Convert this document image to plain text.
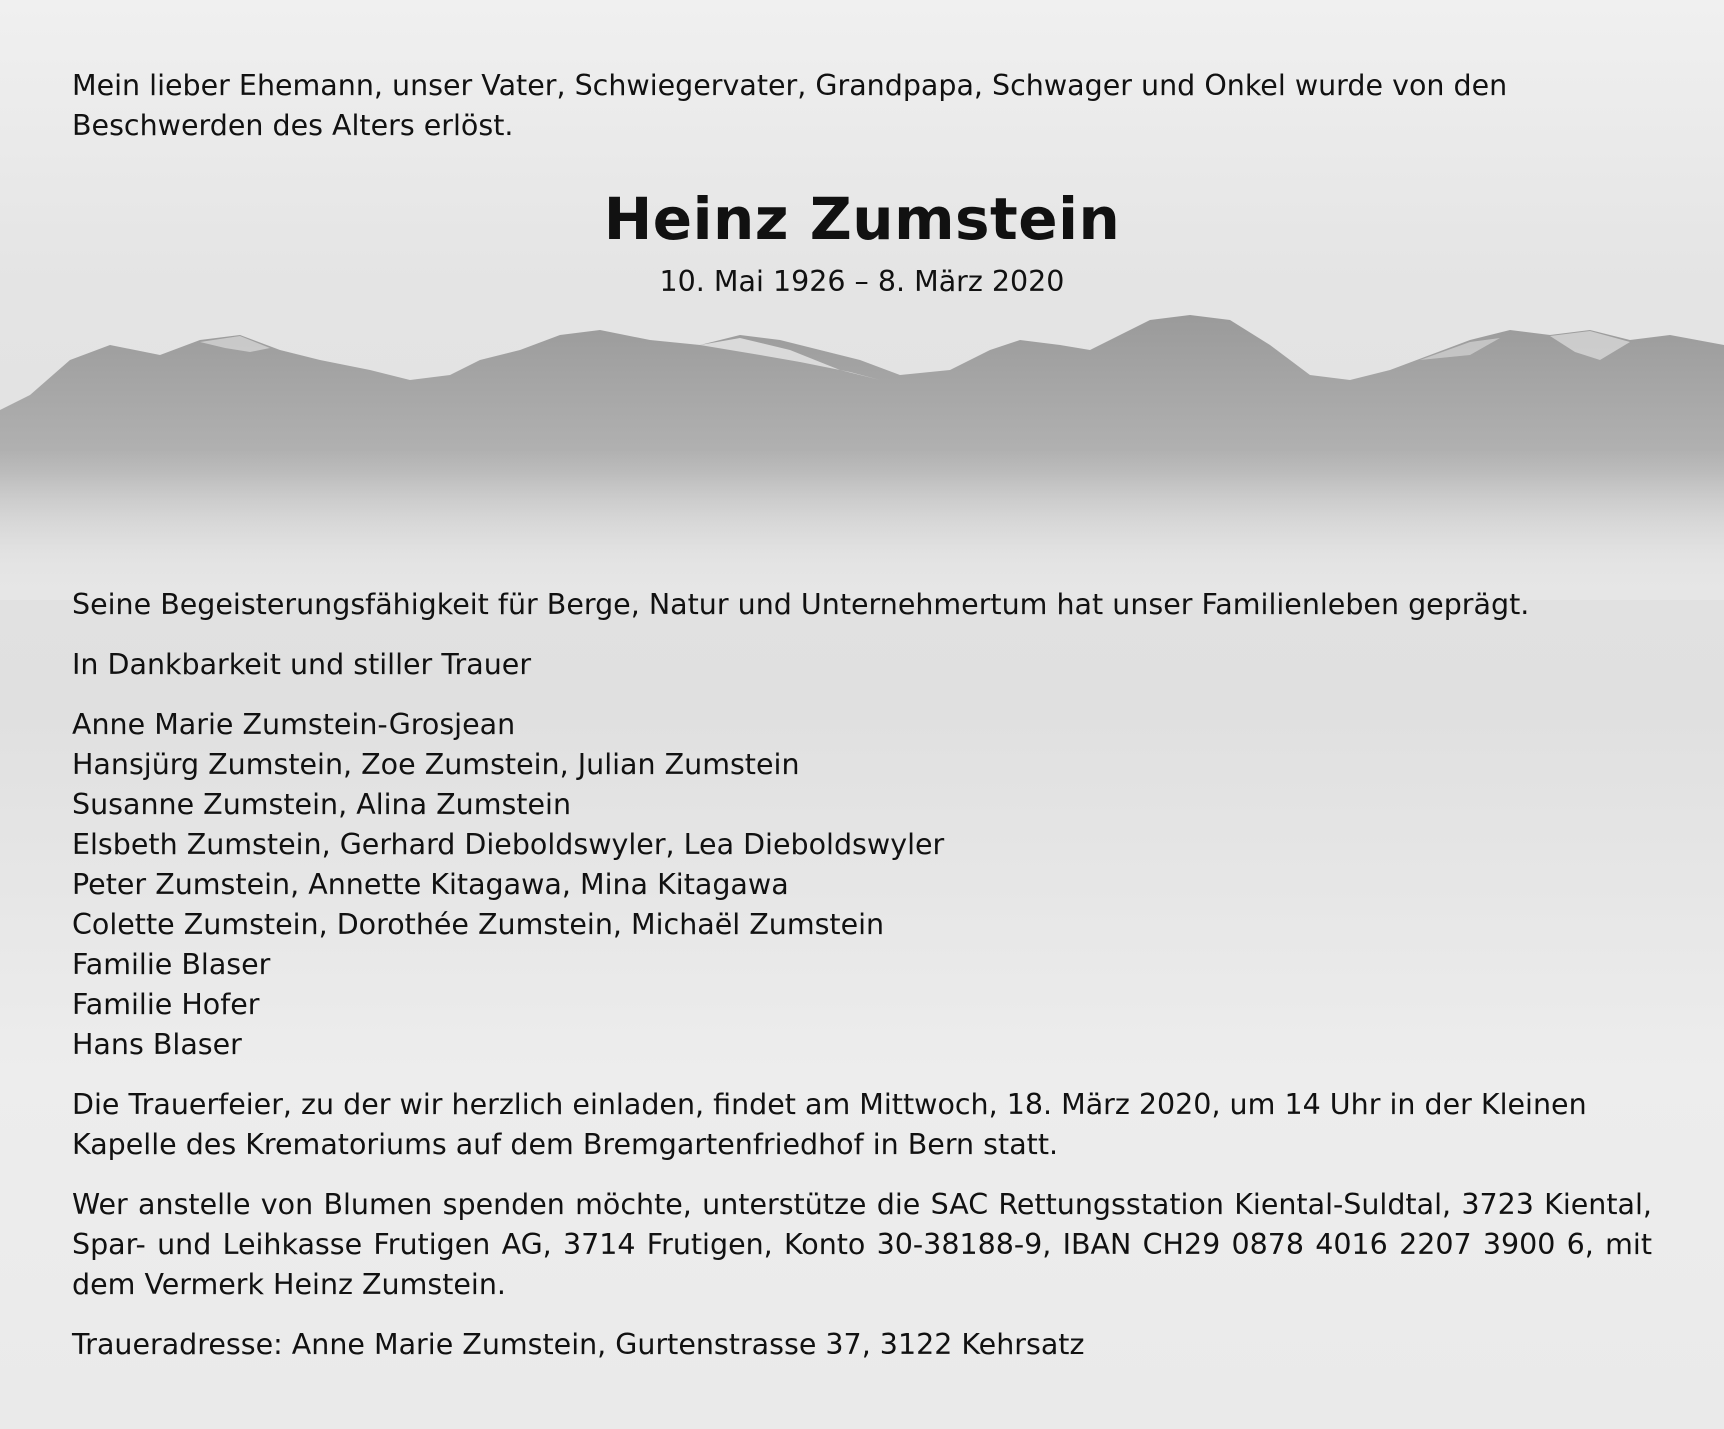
Mein lieber Ehemann, unser Vater, Schwiegervater, Grandpapa, Schwager und Onkel wurde von den Beschwerden des Alters erlöst.

Heinz Zumstein
10. Mai 1926 – 8. März 2020

Seine Begeisterungsfähigkeit für Berge, Natur und Unternehmertum hat unser Familienleben geprägt.

In Dankbarkeit und stiller Trauer

Anne Marie Zumstein-Grosjean
Hansjürg Zumstein, Zoe Zumstein, Julian Zumstein
Susanne Zumstein, Alina Zumstein
Elsbeth Zumstein, Gerhard Dieboldswyler, Lea Dieboldswyler
Peter Zumstein, Annette Kitagawa, Mina Kitagawa
Colette Zumstein, Dorothée Zumstein, Michaël Zumstein
Familie Blaser
Familie Hofer
Hans Blaser

Die Trauerfeier, zu der wir herzlich einladen, findet am Mittwoch, 18. März 2020, um 14 Uhr in der Kleinen Kapelle des Krematoriums auf dem Bremgartenfriedhof in Bern statt.

Wer anstelle von Blumen spenden möchte, unterstütze die SAC Rettungsstation Kiental-Suldtal, 3723 Kiental, Spar- und Leihkasse Frutigen AG, 3714 Frutigen, Konto 30-38188-9, IBAN CH29 0878 4016 2207 3900 6, mit dem Vermerk Heinz Zumstein.

Traueradresse: Anne Marie Zumstein, Gurtenstrasse 37, 3122 Kehrsatz
